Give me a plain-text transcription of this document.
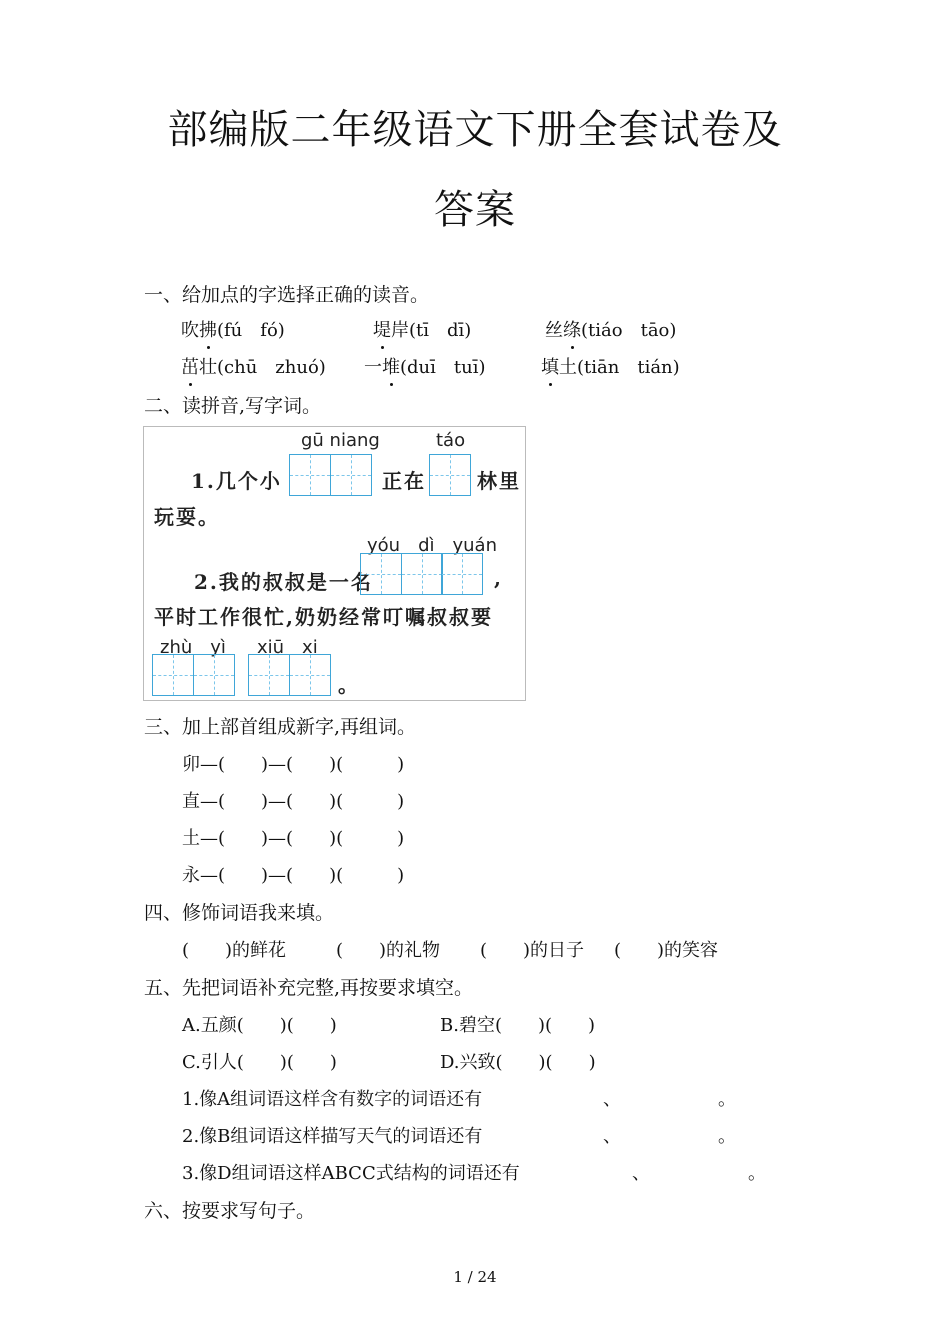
部编版二年级语文下册全套试卷及
答案
一、给加点的字选择正确的读音。
吹拂(fú　fó)	堤岸(tī　dī)	丝绦(tiáo　tāo)
茁壮(chū　zhuó) 一堆(duī　tuī)	填土(tiān　tián)
二、读拼音,写字词。
gū niang	táo
1.几个小	正在	林里
玩耍。
yóu　dì　yuán
2.我的叔叔是一名	,
平时工作很忙,奶奶经常叮嘱叔叔要
zhù　yì xiū　xi
。
三、加上部首组成新字,再组词。
卯—(　　)—(　　)(　　　)
直—(　　)—(　　)(　　　)
土—(　　)—(　　)(　　　)
永—(　　)—(　　)(　　　)
四、修饰词语我来填。
(　　)的鲜花	(　　)的礼物 (　　)的日子 (　　)的笑容
五、先把词语补充完整,再按要求填空。
A.五颜(　　)(　　)	B.碧空(　　)(　　)
C.引人(　　)(　　)	D.兴致(　　)(　　)
1.像A组词语这样含有数字的词语还有	、	。
2.像B组词语这样描写天气的词语还有	、	。
3.像D组词语这样ABCC式结构的词语还有	、	。
六、按要求写句子。
1 / 24
